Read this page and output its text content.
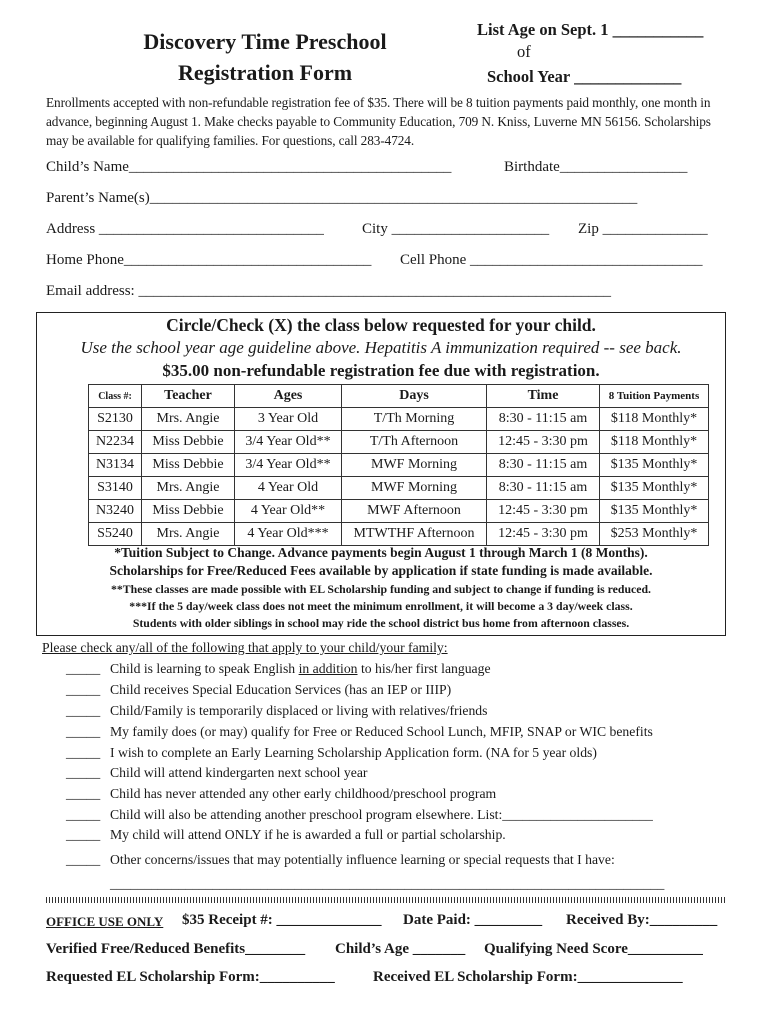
Discovery Time Preschool
Registration Form
List Age on Sept. 1 ___________
of
School Year _____________
Enrollments accepted with non-refundable registration fee of $35. There will be 8 tuition payments paid monthly, one month in advance, beginning August 1. Make checks payable to Community Education, 709 N. Kniss, Luverne MN 56156. Scholarships may be available for qualifying families. For questions, call 283-4724.
Child’s Name___________________________________________	Birthdate_________________
Parent’s Name(s)_________________________________________________________________
Address ______________________________	City _____________________ Zip ______________
Home Phone_________________________________ Cell Phone _______________________________
Email address: _______________________________________________________________
Circle/Check (X) the class below requested for your child.
Use the school year age guideline above. Hepatitis A immunization required -- see back.
$35.00 non-refundable registration fee due with registration.
Class #:	Teacher	Ages	Days	Time	8 Tuition Payments
S2130	Mrs. Angie	3 Year Old	T/Th Morning	8:30 - 11:15 am	$118 Monthly*
N2234	Miss Debbie	3/4 Year Old**	T/Th Afternoon	12:45 - 3:30 pm	$118 Monthly*
N3134	Miss Debbie	3/4 Year Old**	MWF Morning	8:30 - 11:15 am	$135 Monthly*
S3140	Mrs. Angie	4 Year Old	MWF Morning	8:30 - 11:15 am	$135 Monthly*
N3240	Miss Debbie	4 Year Old**	MWF Afternoon	12:45 - 3:30 pm	$135 Monthly*
S5240	Mrs. Angie	4 Year Old***	MTWTHF Afternoon	12:45 - 3:30 pm	$253 Monthly*
*Tuition Subject to Change. Advance payments begin August 1 through March 1 (8 Months).
Scholarships for Free/Reduced Fees available by application if state funding is made available.
**These classes are made possible with EL Scholarship funding and subject to change if funding is reduced.
***If the 5 day/week class does not meet the minimum enrollment, it will become a 3 day/week class.
Students with older siblings in school may ride the school district bus home from afternoon classes.
Please check any/all of the following that apply to your child/your family:
_____ Child is learning to speak English in addition to his/her first language
_____ Child receives Special Education Services (has an IEP or IIIP)
_____ Child/Family is temporarily displaced or living with relatives/friends
_____ My family does (or may) qualify for Free or Reduced School Lunch, MFIP, SNAP or WIC benefits
_____ I wish to complete an Early Learning Scholarship Application form. (NA for 5 year olds)
_____ Child will attend kindergarten next school year
_____ Child has never attended any other early childhood/preschool program
_____ Child will also be attending another preschool program elsewhere. List:______________________
_____ My child will attend ONLY if he is awarded a full or partial scholarship.
_____ Other concerns/issues that may potentially influence learning or special requests that I have:
_________________________________________________________________________________
OFFICE USE ONLY $35 Receipt #: ______________ Date Paid: _________ Received By:_________
Verified Free/Reduced Benefits________ Child’s Age _______ Qualifying Need Score__________
Requested EL Scholarship Form:__________	Received EL Scholarship Form:______________
